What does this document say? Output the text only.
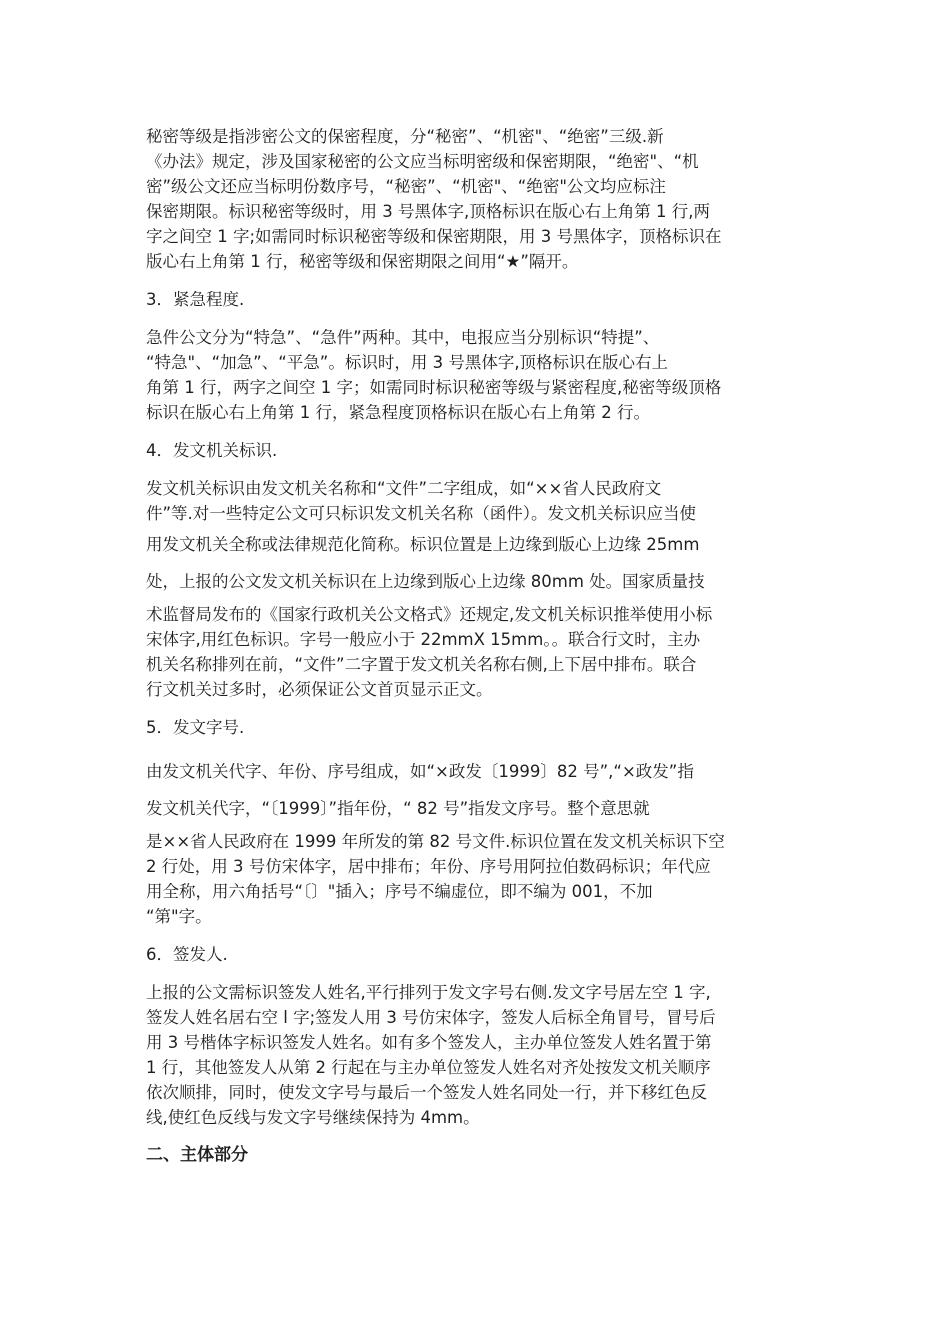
秘密等级是指涉密公文的保密程度，分“秘密”、“机密"、“绝密”三级.新
《办法》规定，涉及国家秘密的公文应当标明密级和保密期限，“绝密"、“机
密”级公文还应当标明份数序号，“秘密”、“机密"、“绝密"公文均应标注
保密期限。标识秘密等级时，用 3 号黑体字,顶格标识在版心右上角第 1 行,两
字之间空 1 字;如需同时标识秘密等级和保密期限，用 3 号黑体字，顶格标识在
版心右上角第 1 行，秘密等级和保密期限之间用“★”隔开。
3．紧急程度.
急件公文分为“特急”、“急件”两种。其中，电报应当分别标识“特提”、
“特急"、“加急”、“平急”。标识时，用 3 号黑体字,顶格标识在版心右上
角第 1 行，两字之间空 1 字；如需同时标识秘密等级与紧密程度,秘密等级顶格
标识在版心右上角第 1 行，紧急程度顶格标识在版心右上角第 2 行。
4．发文机关标识.
发文机关标识由发文机关名称和“文件”二字组成，如“××省人民政府文
件”等.对一些特定公文可只标识发文机关名称（函件）。发文机关标识应当使
用发文机关全称或法律规范化简称。标识位置是上边缘到版心上边缘 25mm
处，上报的公文发文机关标识在上边缘到版心上边缘 80mm 处。国家质量技
术监督局发布的《国家行政机关公文格式》还规定,发文机关标识推举使用小标
宋体字,用红色标识。字号一般应小于 22mmX 15mm。。联合行文时，主办
机关名称排列在前，“文件”二字置于发文机关名称右侧,上下居中排布。联合
行文机关过多时，必须保证公文首页显示正文。
5．发文字号.
由发文机关代字、年份、序号组成，如“×政发〔1999〕82 号”,“×政发”指
发文机关代字，“〔1999〕”指年份，“ 82 号”指发文序号。整个意思就
是××省人民政府在 1999 年所发的第 82 号文件.标识位置在发文机关标识下空
2 行处，用 3 号仿宋体字，居中排布；年份、序号用阿拉伯数码标识；年代应
用全称，用六角括号“〔〕"插入；序号不编虚位，即不编为 001，不加
“第"字。
6．签发人.
上报的公文需标识签发人姓名,平行排列于发文字号右侧.发文字号居左空 1 字,
签发人姓名居右空 l 字;签发人用 3 号仿宋体字，签发人后标全角冒号，冒号后
用 3 号楷体字标识签发人姓名。如有多个签发人，主办单位签发人姓名置于第
1 行，其他签发人从第 2 行起在与主办单位签发人姓名对齐处按发文机关顺序
依次顺排，同时，使发文字号与最后一个签发人姓名同处一行，并下移红色反
线,使红色反线与发文字号继续保持为 4mm。
二、主体部分
